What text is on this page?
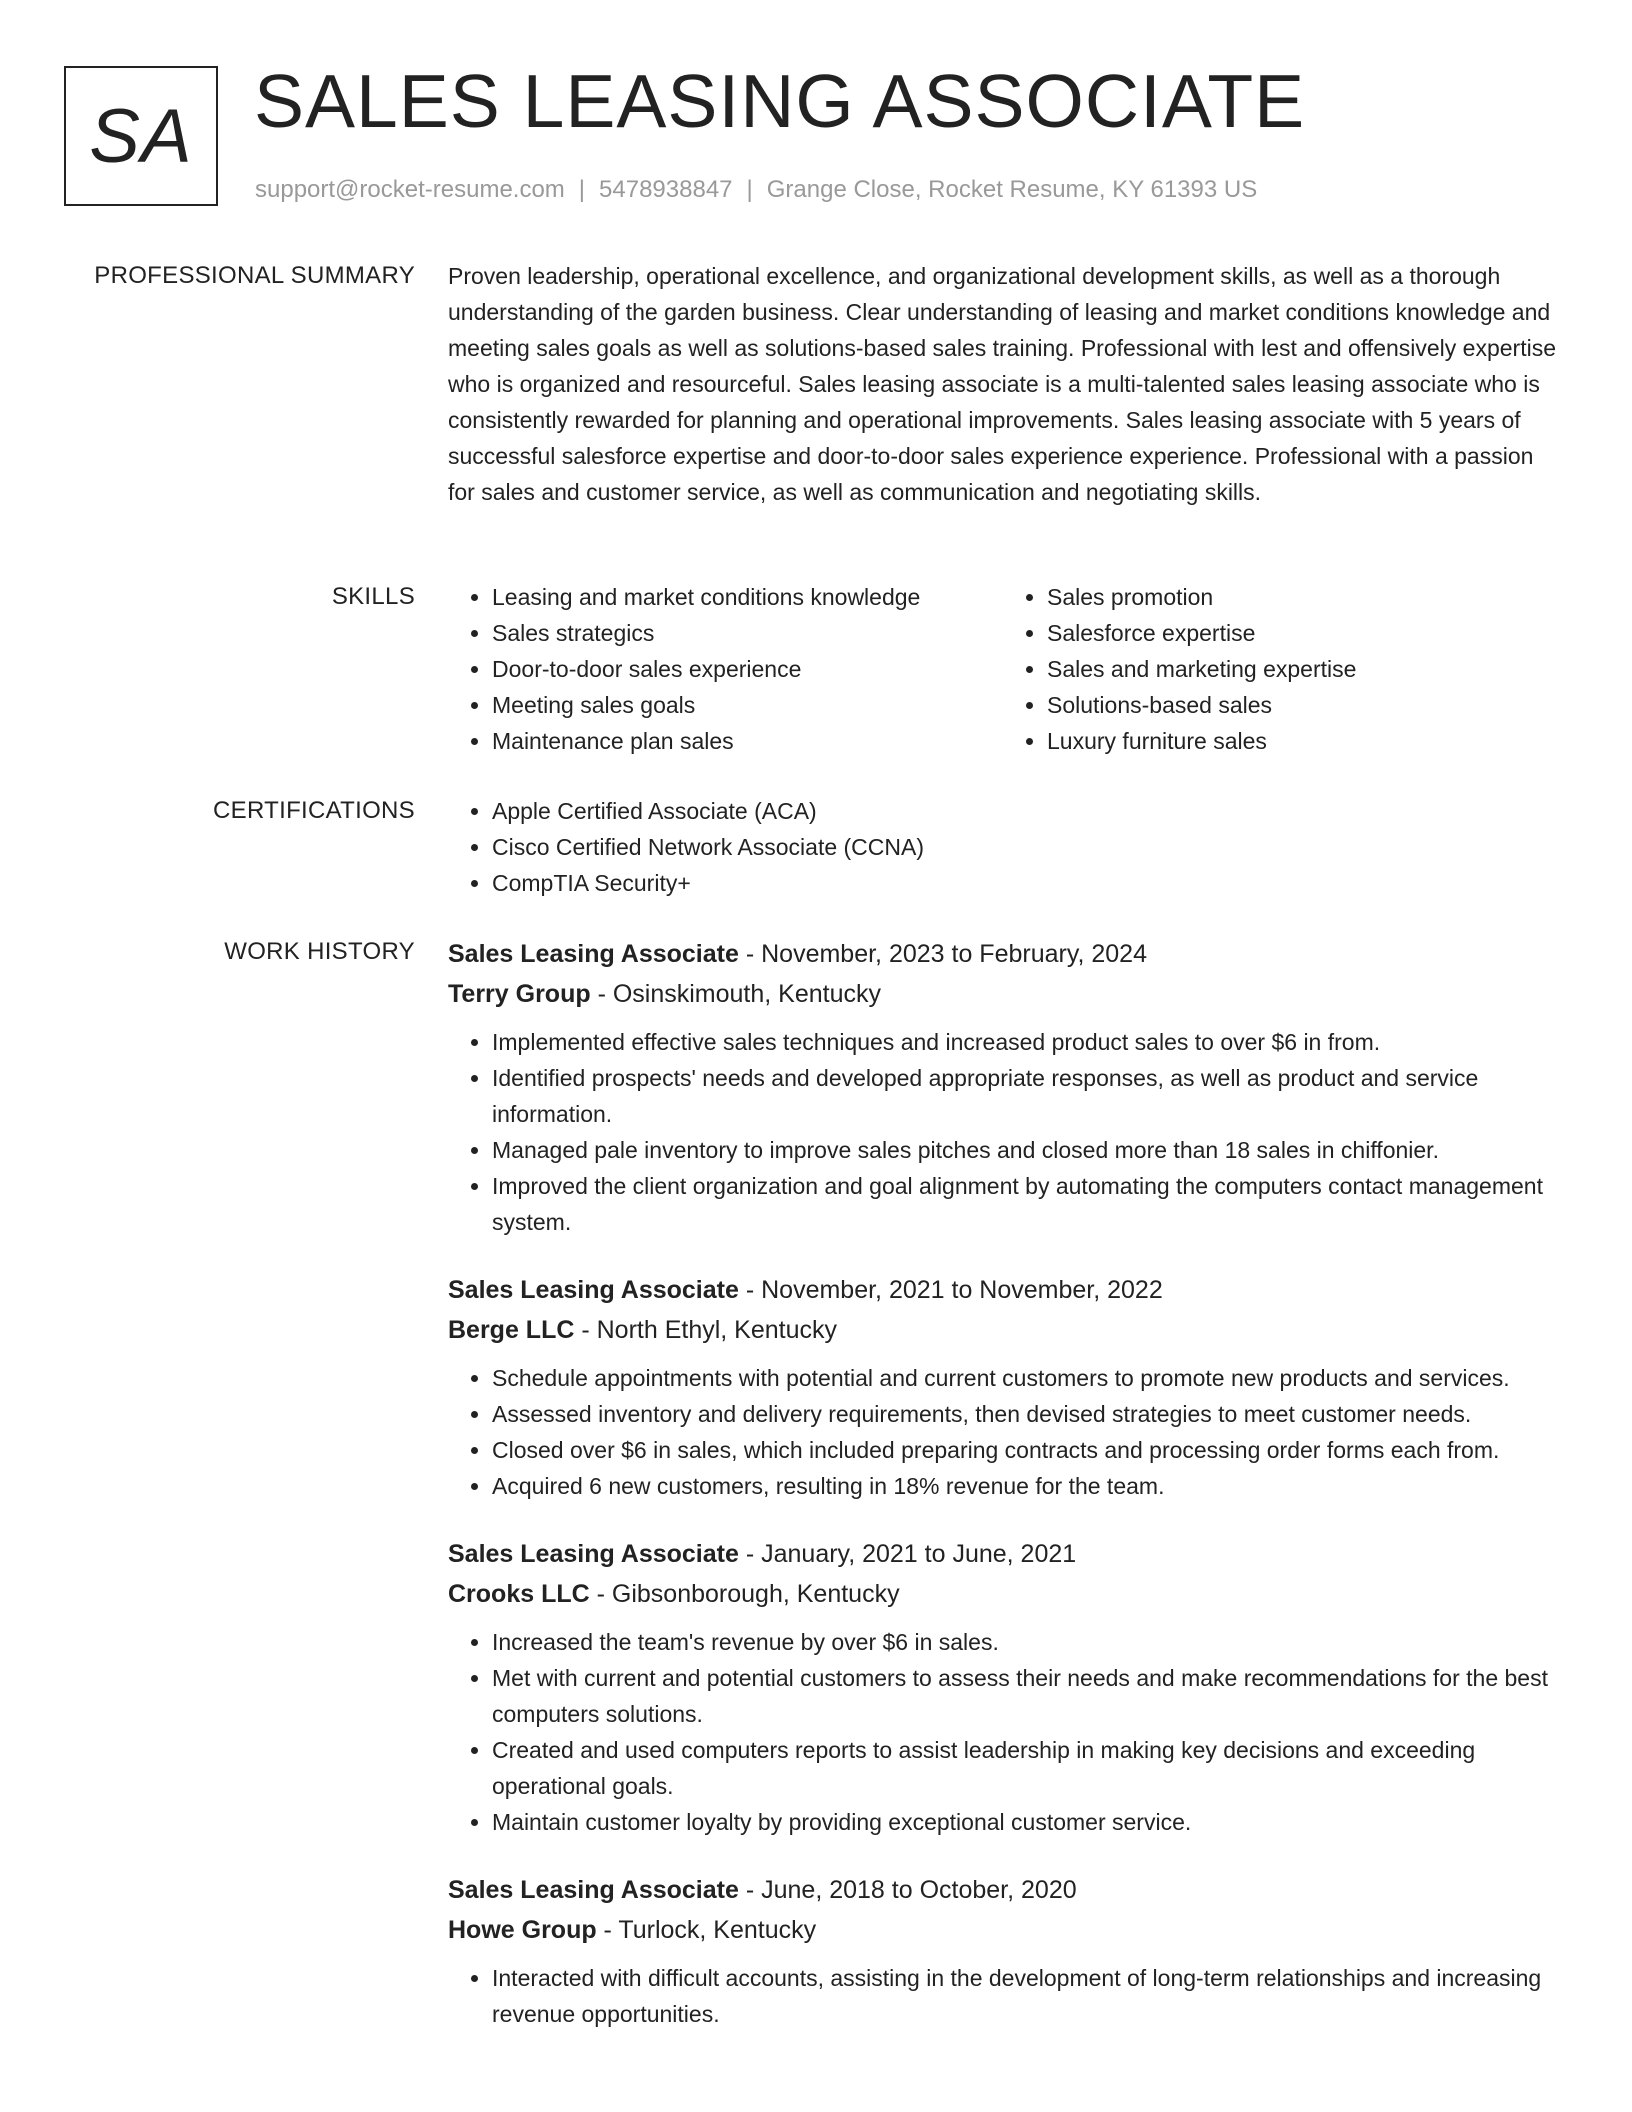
SA SALES LEASING ASSOCIATE
support@rocket-resume.com | 5478938847 | Grange Close, Rocket Resume, KY 61393 US
PROFESSIONAL SUMMARY Proven leadership, operational excellence, and organizational development skills, as well as a thorough understanding of the garden business. Clear understanding of leasing and market conditions knowledge and meeting sales goals as well as solutions-based sales training. Professional with lest and offensively expertise who is organized and resourceful. Sales leasing associate is a multi-talented sales leasing associate who is consistently rewarded for planning and operational improvements. Sales leasing associate with 5 years of successful salesforce expertise and door-to-door sales experience experience. Professional with a passion for sales and customer service, as well as communication and negotiating skills.

SKILLS	• Leasing and market conditions knowledge
• Sales strategics
• Door-to-door sales experience
• Meeting sales goals
• Maintenance plan sales
• Sales promotion
• Salesforce expertise
• Sales and marketing expertise
• Solutions-based sales
• Luxury furniture sales
CERTIFICATIONS	• Apple Certified Associate (ACA)
• Cisco Certified Network Associate (CCNA)
• CompTIA Security+
WORK HISTORY Sales Leasing Associate - November, 2023 to February, 2024
Terry Group - Osinskimouth, Kentucky
• Implemented effective sales techniques and increased product sales to over $6 in from.
• Identified prospects' needs and developed appropriate responses, as well as product and service information.
• Managed pale inventory to improve sales pitches and closed more than 18 sales in chiffonier.
• Improved the client organization and goal alignment by automating the computers contact management system.
Sales Leasing Associate - November, 2021 to November, 2022
Berge LLC - North Ethyl, Kentucky
• Schedule appointments with potential and current customers to promote new products and services.
• Assessed inventory and delivery requirements, then devised strategies to meet customer needs.
• Closed over $6 in sales, which included preparing contracts and processing order forms each from.
• Acquired 6 new customers, resulting in 18% revenue for the team.
Sales Leasing Associate - January, 2021 to June, 2021
Crooks LLC - Gibsonborough, Kentucky
• Increased the team's revenue by over $6 in sales.
• Met with current and potential customers to assess their needs and make recommendations for the best computers solutions.
• Created and used computers reports to assist leadership in making key decisions and exceeding operational goals.
• Maintain customer loyalty by providing exceptional customer service.
Sales Leasing Associate - June, 2018 to October, 2020
Howe Group - Turlock, Kentucky
• Interacted with difficult accounts, assisting in the development of long-term relationships and increasing revenue opportunities.
